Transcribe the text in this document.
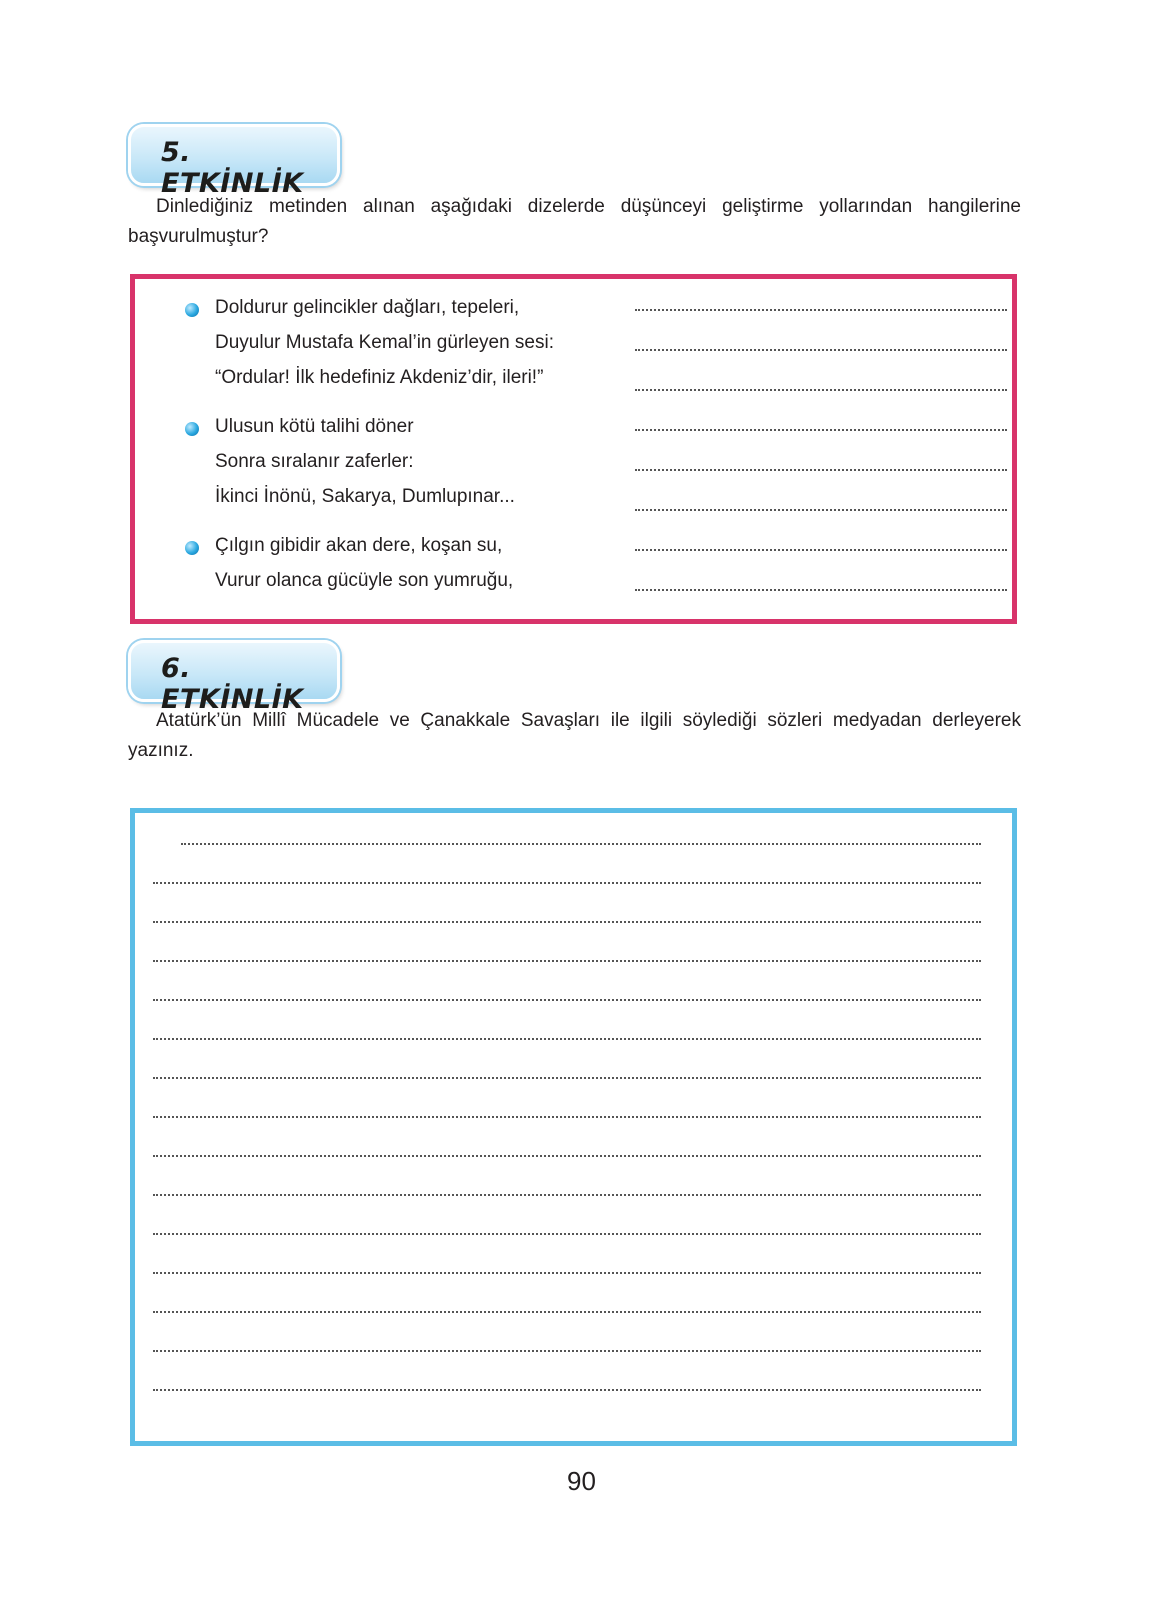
5. ETKİNLİK

Dinlediğiniz metinden alınan aşağıdaki dizelerde düşünceyi geliştirme yollarından hangilerine başvurulmuştur?

Doldurur gelincikler dağları, tepeleri,
Duyulur Mustafa Kemal’in gürleyen sesi:
“Ordular! İlk hedefiniz Akdeniz’dir, ileri!”
Ulusun kötü talihi döner
Sonra sıralanır zaferler:
İkinci İnönü, Sakarya, Dumlupınar...
Çılgın gibidir akan dere, koşan su,
Vurur olanca gücüyle son yumruğu,
6. ETKİNLİK

Atatürk’ün Millî Mücadele ve Çanakkale Savaşları ile ilgili söylediği sözleri medyadan derleyerek yazınız.

90
